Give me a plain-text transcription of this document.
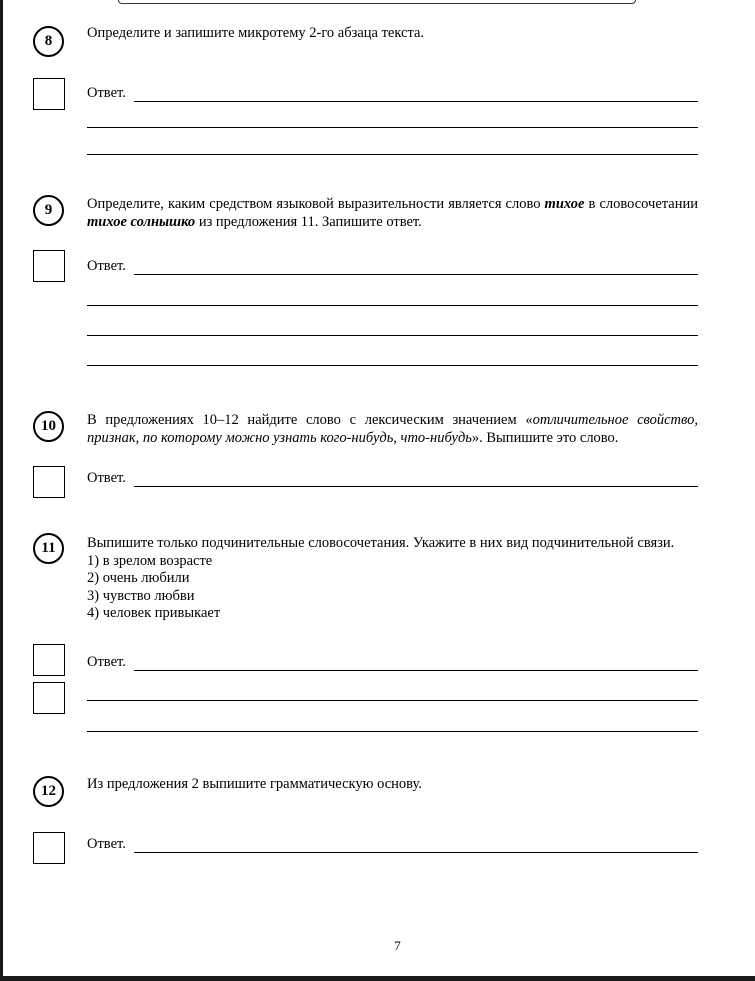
8	Определите и запишите микротему 2-го абзаца текста.
Ответ.
9	Определите, каким средством языковой выразительности является слово тихое в словосочетании тихое солнышко из предложения 11. Запишите ответ.
Ответ.
10	В предложениях 10–12 найдите слово с лексическим значением «отличительное свойство, признак, по которому можно узнать кого-нибудь, что-нибудь». Выпишите это слово.
Ответ.
11	Выпишите только подчинительные словосочетания. Укажите в них вид подчинительной связи.
1) в зрелом возрасте
2) очень любили
3) чувство любви
4) человек привыкает
Ответ.
12	Из предложения 2 выпишите грамматическую основу.
Ответ.
7
